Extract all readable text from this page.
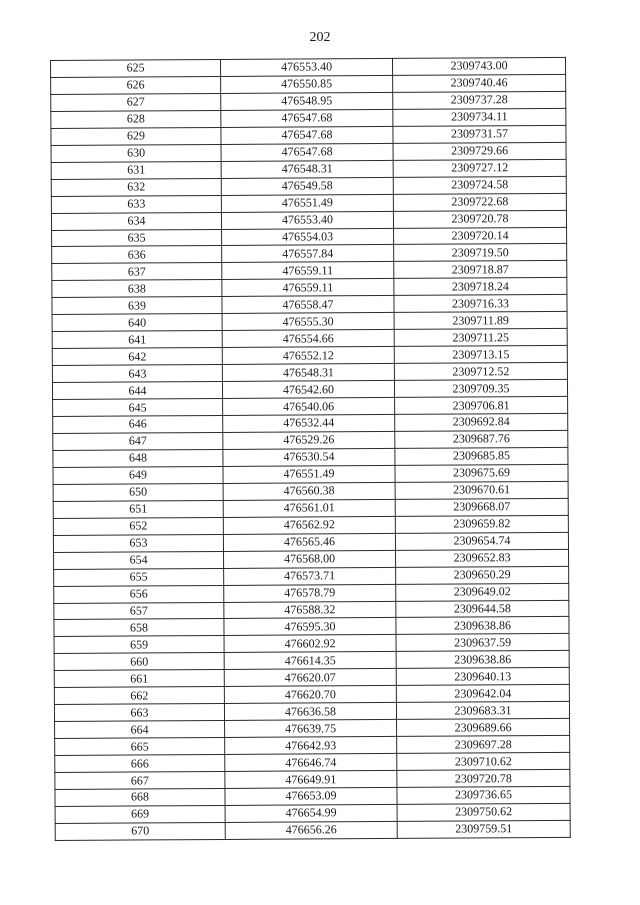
202
625	476553.40	2309743.00
626	476550.85	2309740.46
627	476548.95	2309737.28
628	476547.68	2309734.11
629	476547.68	2309731.57
630	476547.68	2309729.66
631	476548.31	2309727.12
632	476549.58	2309724.58
633	476551.49	2309722.68
634	476553.40	2309720.78
635	476554.03	2309720.14
636	476557.84	2309719.50
637	476559.11	2309718.87
638	476559.11	2309718.24
639	476558.47	2309716.33
640	476555.30	2309711.89
641	476554.66	2309711.25
642	476552.12	2309713.15
643	476548.31	2309712.52
644	476542.60	2309709.35
645	476540.06	2309706.81
646	476532.44	2309692.84
647	476529.26	2309687.76
648	476530.54	2309685.85
649	476551.49	2309675.69
650	476560.38	2309670.61
651	476561.01	2309668.07
652	476562.92	2309659.82
653	476565.46	2309654.74
654	476568.00	2309652.83
655	476573.71	2309650.29
656	476578.79	2309649.02
657	476588.32	2309644.58
658	476595.30	2309638.86
659	476602.92	2309637.59
660	476614.35	2309638.86
661	476620.07	2309640.13
662	476620.70	2309642.04
663	476636.58	2309683.31
664	476639.75	2309689.66
665	476642.93	2309697.28
666	476646.74	2309710.62
667	476649.91	2309720.78
668	476653.09	2309736.65
669	476654.99	2309750.62
670	476656.26	2309759.51
